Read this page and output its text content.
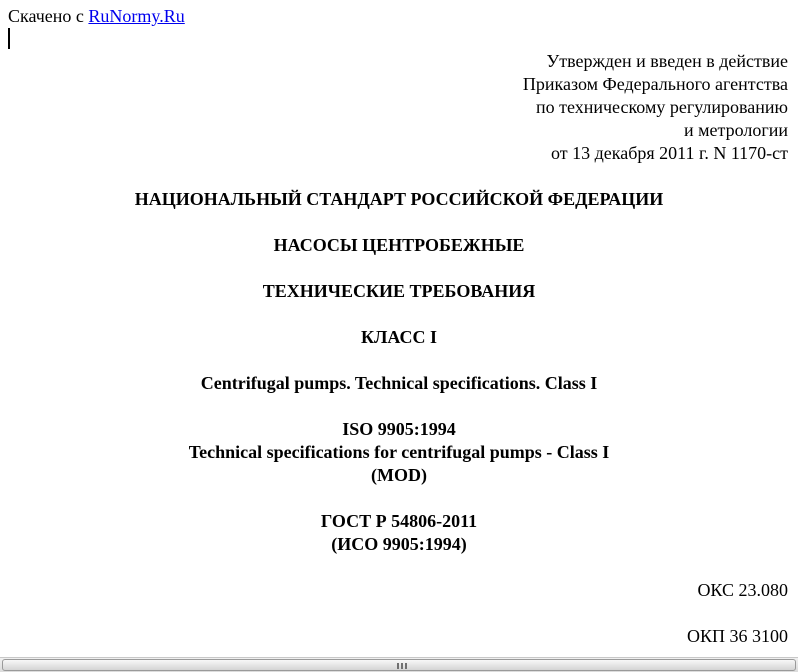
Скачено с RuNormy.Ru
Утвержден и введен в действие
Приказом Федерального агентства
по техническому регулированию
и метрологии
от 13 декабря 2011 г. N 1170-ст
НАЦИОНАЛЬНЫЙ СТАНДАРТ РОССИЙСКОЙ ФЕДЕРАЦИИ
НАСОСЫ ЦЕНТРОБЕЖНЫЕ
ТЕХНИЧЕСКИЕ ТРЕБОВАНИЯ
КЛАСС I
Centrifugal pumps. Technical specifications. Class I
ISO 9905:1994
Technical specifications for centrifugal pumps - Class I
(MOD)
ГОСТ Р 54806-2011
(ИСО 9905:1994)
ОКС 23.080
ОКП 36 3100
